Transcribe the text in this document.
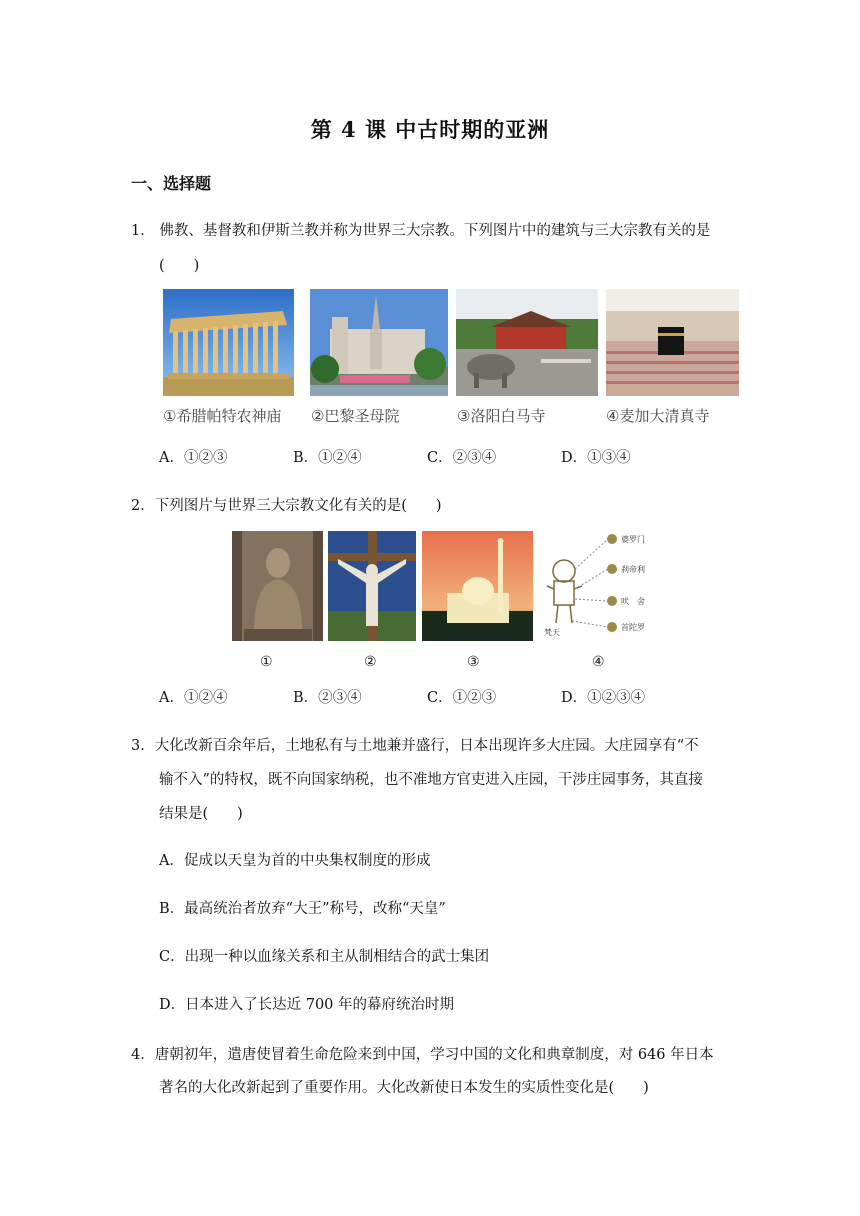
第 4 课 中古时期的亚洲
一、选择题
1． 佛教、基督教和伊斯兰教并称为世界三大宗教。下列图片中的建筑与三大宗教有关的是
(　　)
①希腊帕特农神庙 ②巴黎圣母院	③洛阳白马寺	④麦加大清真寺
A．①②③	B．①②④	C．②③④	D．①③④
2．下列图片与世界三大宗教文化有关的是(　　)
婆罗门
刹帝利
吠　舍
首陀罗
梵天
①	②	③	④
A．①②④	B．②③④	C．①②③	D．①②③④
3．大化改新百余年后，土地私有与土地兼并盛行，日本出现许多大庄园。大庄园享有“不
输不入”的特权，既不向国家纳税，也不准地方官吏进入庄园，干涉庄园事务，其直接
结果是(　　)
A．促成以天皇为首的中央集权制度的形成
B．最高统治者放弃“大王”称号，改称“天皇”
C．出现一种以血缘关系和主从制相结合的武士集团
D．日本进入了长达近 700 年的幕府统治时期
4．唐朝初年，遣唐使冒着生命危险来到中国，学习中国的文化和典章制度，对 646 年日本
著名的大化改新起到了重要作用。大化改新使日本发生的实质性变化是(　　)
